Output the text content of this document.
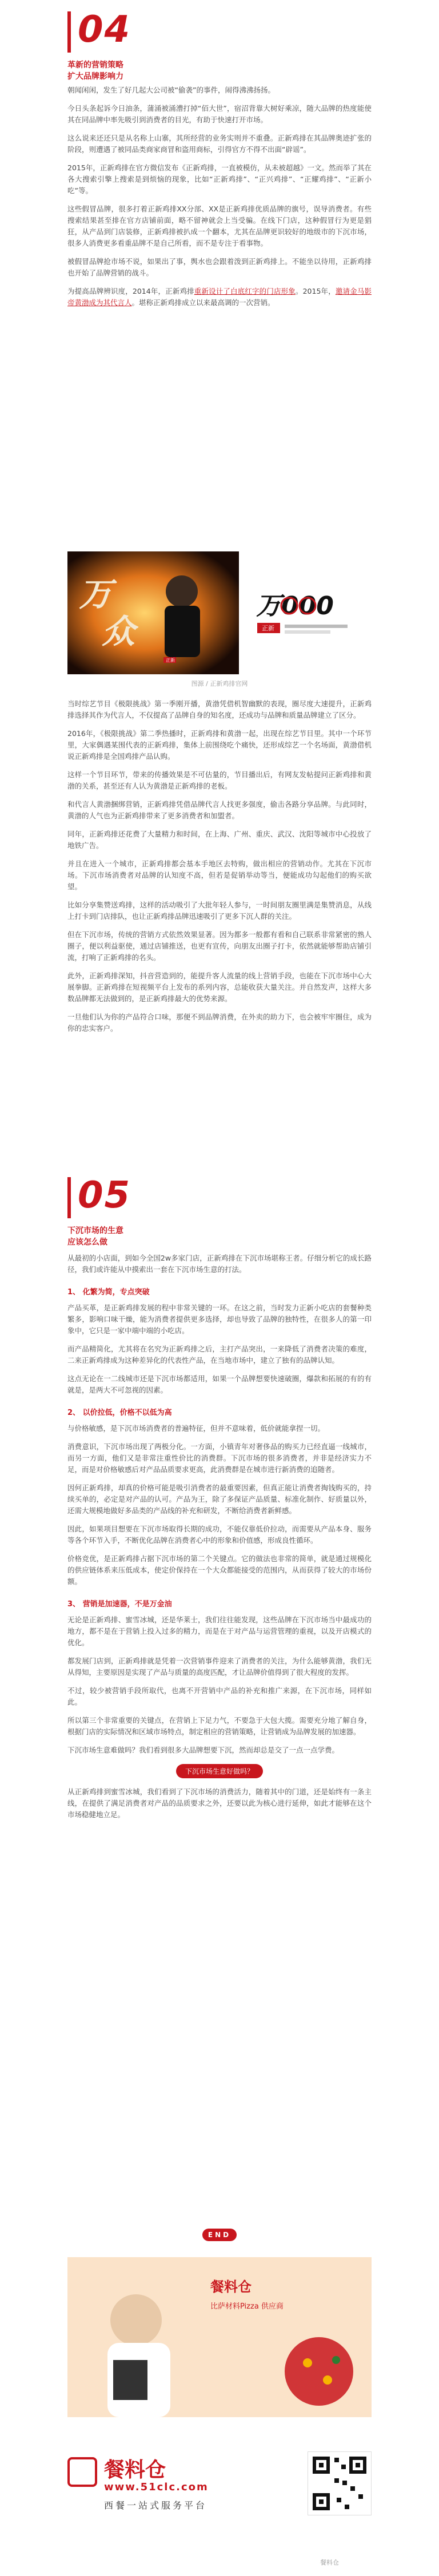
04
革新的营销策略
扩大品牌影响力

朝闻闲闲，发生了好几起大公司被“偷袭”的事件，闹得沸沸扬扬。

今日头条起诉今日油条，蒲涌被涌漕打掉“佰大世”，宿沼背靠大树好乘凉，随大品牌的热度能使其在同品牌中率先吸引到消费者的目光，有助于快速打开市场。

这么说来还还只是从名称上山寨，其所经营的业务实则并不重叠。正新鸡排在其品牌奥迹扩张的阶段，则遭遇了被同品类商家商冒和盗用商标，引得官方不得不出面“辟谣”。

2015年，正新鸡排在官方微信发布《正新鸡排，一直被模仿，从未被超越》一文。然而举了其在各大搜索引擎上搜索是到烦恼的现象，比如“正新鸡排”、“正兴鸡排”、“正耀鸡排”、“正新小吃”等。

这些假冒品牌，很多打着正新鸡排XX分部、XX是正新鸡排优质品牌的旗号，误导消费者。有些搜索结果甚至排在官方店铺前面，略不留神就会上当受骗。在线下门店，这种假冒行为更是猖狂，从产品到门店装修，正新鸡排被扒成一个翻本，尤其在品牌更识较好的地级市的下沉市场，很多人消费更多看重品牌不是自己所看，而不是专注于看事物。

被假冒品牌抢市场不说，如果出了事，舆水也会跟着泼到正新鸡排上。不能坐以待用，正新鸡排也开始了品牌营销的战斗。

为提高品牌辨识度，2014年，正新鸡排重新设计了白底红字的门店形象。2015年，邀请金马影帝黄渤成为其代言人。堪称正新鸡排成立以来最高调的一次营销。

万
众
正新
万000
正新
图源 / 正新鸡排官网

当时综艺节目《极限挑战》第一季刚开播，黄渤凭借机智幽默的表现，圈尽度大速提升，正新鸡排选择其作为代言人，不仅提高了品牌自身的知名度，还成功与品牌和质量品牌建立了区分。

2016年，《极限挑战》第二季热播时，正新鸡排和黄渤一起，出现在综艺节目里。其中一个环节里，大家偶遇某围代表的正新鸡排，集体上前围绕吃个痛快，还形成综艺一个名场面，黄渤借机说正新鸡排是全国鸡排产品认购。

这样一个节目环节，带来的传播效果是不可估量的，节目播出后，有网友发帖提问正新鸡排和黄渤的关系，甚至还有人认为黄渤是正新鸡排的老板。

和代言人黄渤捆绑营销，正新鸡排凭借品牌代言人找更多强度，偷击各路分享品牌。与此同时，黄渤的人气也为正新鸡排带来了更多消费者和加盟者。

同年，正新鸡排还花费了大量精力和时间，在上海、广州、重庆、武汉、沈阳等城市中心投放了地铁广告。

并且在进入一个城市，正新鸡排都会基本手地区去特购，做出相应的营销动作。尤其在下沉市场。下沉市场消费者对品牌的认知度不高，但若是促销举动等当，便能成功勾起他们的购买欲望。

比如分享集赞送鸡排，这样的活动吸引了大批年轻人参与，一时间朋友圈里满是集赞消息，从线上打卡到门店排队，也让正新鸡排品牌迅速吸引了更多下沉人群的关注。

但在下沉市场，传统的营销方式依然效果显著。因为都多一般都有看和自己联系非常紧密的熟人圈子，便以利益驱使，通过店铺推送，也更有宣传，向朋友出圈子打卡，依然就能够帮助店铺引流，打响了正新鸡排的名头。

此外，正新鸡排深知，抖音营造到的，能提升客人流量的线上营销手段，也能在下沉市场中心大展拳脚。正新鸡排在短视频平台上发布的系列内容，总能收获大量关注。并自然发声，这样大多数品牌都无法做到的，是正新鸡排最大的优势来源。

一旦他们认为你的产品符合口味，那便不到品牌消费，在外卖的助力下，也会被牢牢圈住，成为你的忠实客户。

05
下沉市场的生意
应该怎么做

从最初的小店面，到如今全国2w多家门店，正新鸡排在下沉市场堪称王者。仔细分析它的成长路径，我们或许能从中摸索出一套在下沉市场生意的打法。

1、 化繁为简，专点突破

产品买革，是正新鸡排发展的程中非常关键的一环。在这之前，当时发力正新小吃店的套餐种类繁多，影响口味干燥，能为消费者提供更多选择，却也导致了品牌的独特性，在很多人的第一印象中，它只是一家中端中端的小吃店。

而产品精简化，尤其将在名究为正新鸡排之后，主打产品突出，一来降低了消费者决策的难度，二来正新鸡排成为这种差异化的代表性产品，在当地市场中，建立了独有的品牌认知。

这点无论在一二线城市还是下沉市场都适用，如果一个品牌想要快速破圈，爆款和拓展的有的有就是，是两大不可忽视的因素。

2、 以价拉低，价格不以低为高

与价格敏感，是下沉市场消费者的普遍特征，但并不意味着，低价就能拿捏一切。

消费意识，下沉市场出现了两极分化。一方面，小镇青年对奢侈品的购买力已经直逼一线城市，而另一方面，他们又是非常注重性价比的消费群。下沉市场的很多消费者，并非是经济实力不足，而是对价格敏感后对产品品质要求更高，此消费群是在城市进行新消费的追随者。

因何正新鸡排，却真的价格可能是吸引消费者的最重要因素，但真正能让消费者掏钱购买的，持续买单的，必定是对产品的认可。产品为王，除了多保证产品质量、标准化制作、好质量以外，还需大规模地做好多品类的产品线的补充和研发，不断给消费者新鲜感。

因此，如果项目想要在下沉市场取得长期的成功，不能仅靠低价拉动，而需要从产品本身、服务等各个环节入手，不断优化品牌在消费者心中的形象和价值感，形成良性循环。

价格竞优，是正新鸡排占据下沉市场的第二个关键点。它的做法也非常的简单，就是通过规模化的供应链体系来压低成本，使定价保持在一个大众都能接受的范围内，从而获得了较大的市场份额。

3、 营销是加速器，不是万金油

无论是正新鸡排、蜜雪冰城，还是华莱士，我们往往能发现，这些品牌在下沉市场当中最成功的地方，都不是在于营销上投入过多的精力，而是在于对产品与运营管理的重视，以及开店模式的优化。

都发展门店到，正新鸡排就是凭着一次营销事件迎来了消费者的关注，为什么能够黄渤，我们无从得知，主要原因是实现了产品与质量的高度匹配，才让品牌价值得到了很大程度的发挥。

不过，较少被营销手段所取代，也离不开营销中产品的补充和推广来源，在下沉市场，同样如此。

所以第三个非常重要的关键点，在营销上下足力气，不要急于大包大揽。需要充分地了解自身，根据门店的实际情况和区域市场特点，制定相应的营销策略，让营销成为品牌发展的加速器。

下沉市场生意难做吗？我们看到很多大品牌想要下沉，然而却总是交了一点一点学费。

下沉市场生意好做吗？

从正新鸡排到蜜雪冰城，我们看到了下沉市场的消费活力，随着其中的门道，还是始终有一条主线，在提供了满足消费者对产品的品质要求之外，还要以此为核心进行延伸，如此才能够在这个市场稳健地立足。

END
餐料仓
比萨材料Pizza 供应商
餐料仓
www.51clc.com
西餐一站式服务平台
餐料仓
